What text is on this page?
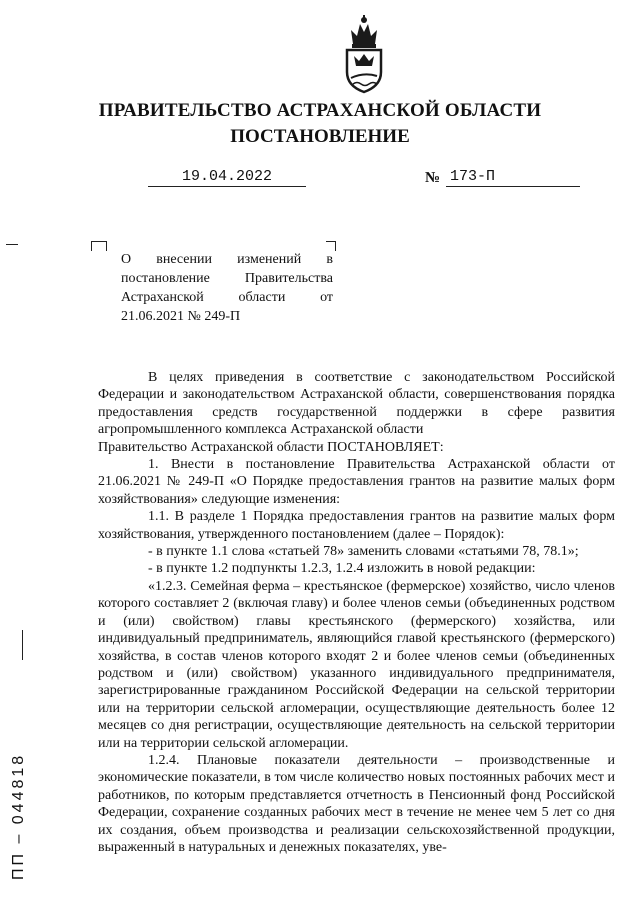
ПРАВИТЕЛЬСТВО АСТРАХАНСКОЙ ОБЛАСТИ
ПОСТАНОВЛЕНИЕ
19.04.2022	№ 173-П
О внесении изменений в постановление Правительства Астраханской области от 21.06.2021 № 249-П

В целях приведения в соответствие с законодательством Российской Федерации и законодательством Астраханской области, совершенствования порядка предоставления средств государственной поддержки в сфере развития агропромышленного комплекса Астраханской области

Правительство Астраханской области ПОСТАНОВЛЯЕТ:

1. Внести в постановление Правительства Астраханской области от 21.06.2021 № 249-П «О Порядке предоставления грантов на развитие малых форм хозяйствования» следующие изменения:

1.1. В разделе 1 Порядка предоставления грантов на развитие малых форм хозяйствования, утвержденного постановлением (далее – Порядок):

- в пункте 1.1 слова «статьей 78» заменить словами «статьями 78, 78.1»;

- в пункте 1.2 подпункты 1.2.3, 1.2.4 изложить в новой редакции:

«1.2.3. Семейная ферма – крестьянское (фермерское) хозяйство, число членов которого составляет 2 (включая главу) и более членов семьи (объединенных родством и (или) свойством) главы крестьянского (фермерского) хозяйства, или индивидуальный предприниматель, являющийся главой крестьянского (фермерского) хозяйства, в состав членов которого входят 2 и более членов семьи (объединенных родством и (или) свойством) указанного индивидуального предпринимателя, зарегистрированные гражданином Российской Федерации на сельской территории или на территории сельской агломерации, осуществляющие деятельность более 12 месяцев со дня регистрации, осуществляющие деятельность на сельской территории или на территории сельской агломерации.

1.2.4. Плановые показатели деятельности – производственные и экономические показатели, в том числе количество новых постоянных рабочих мест и работников, по которым представляется отчетность в Пенсионный фонд Российской Федерации, сохранение созданных рабочих мест в течение не менее чем 5 лет со дня их создания, объем производства и реализации сельскохозяйственной продукции, выраженный в натуральных и денежных показателях, уве-

ПП – 044818
